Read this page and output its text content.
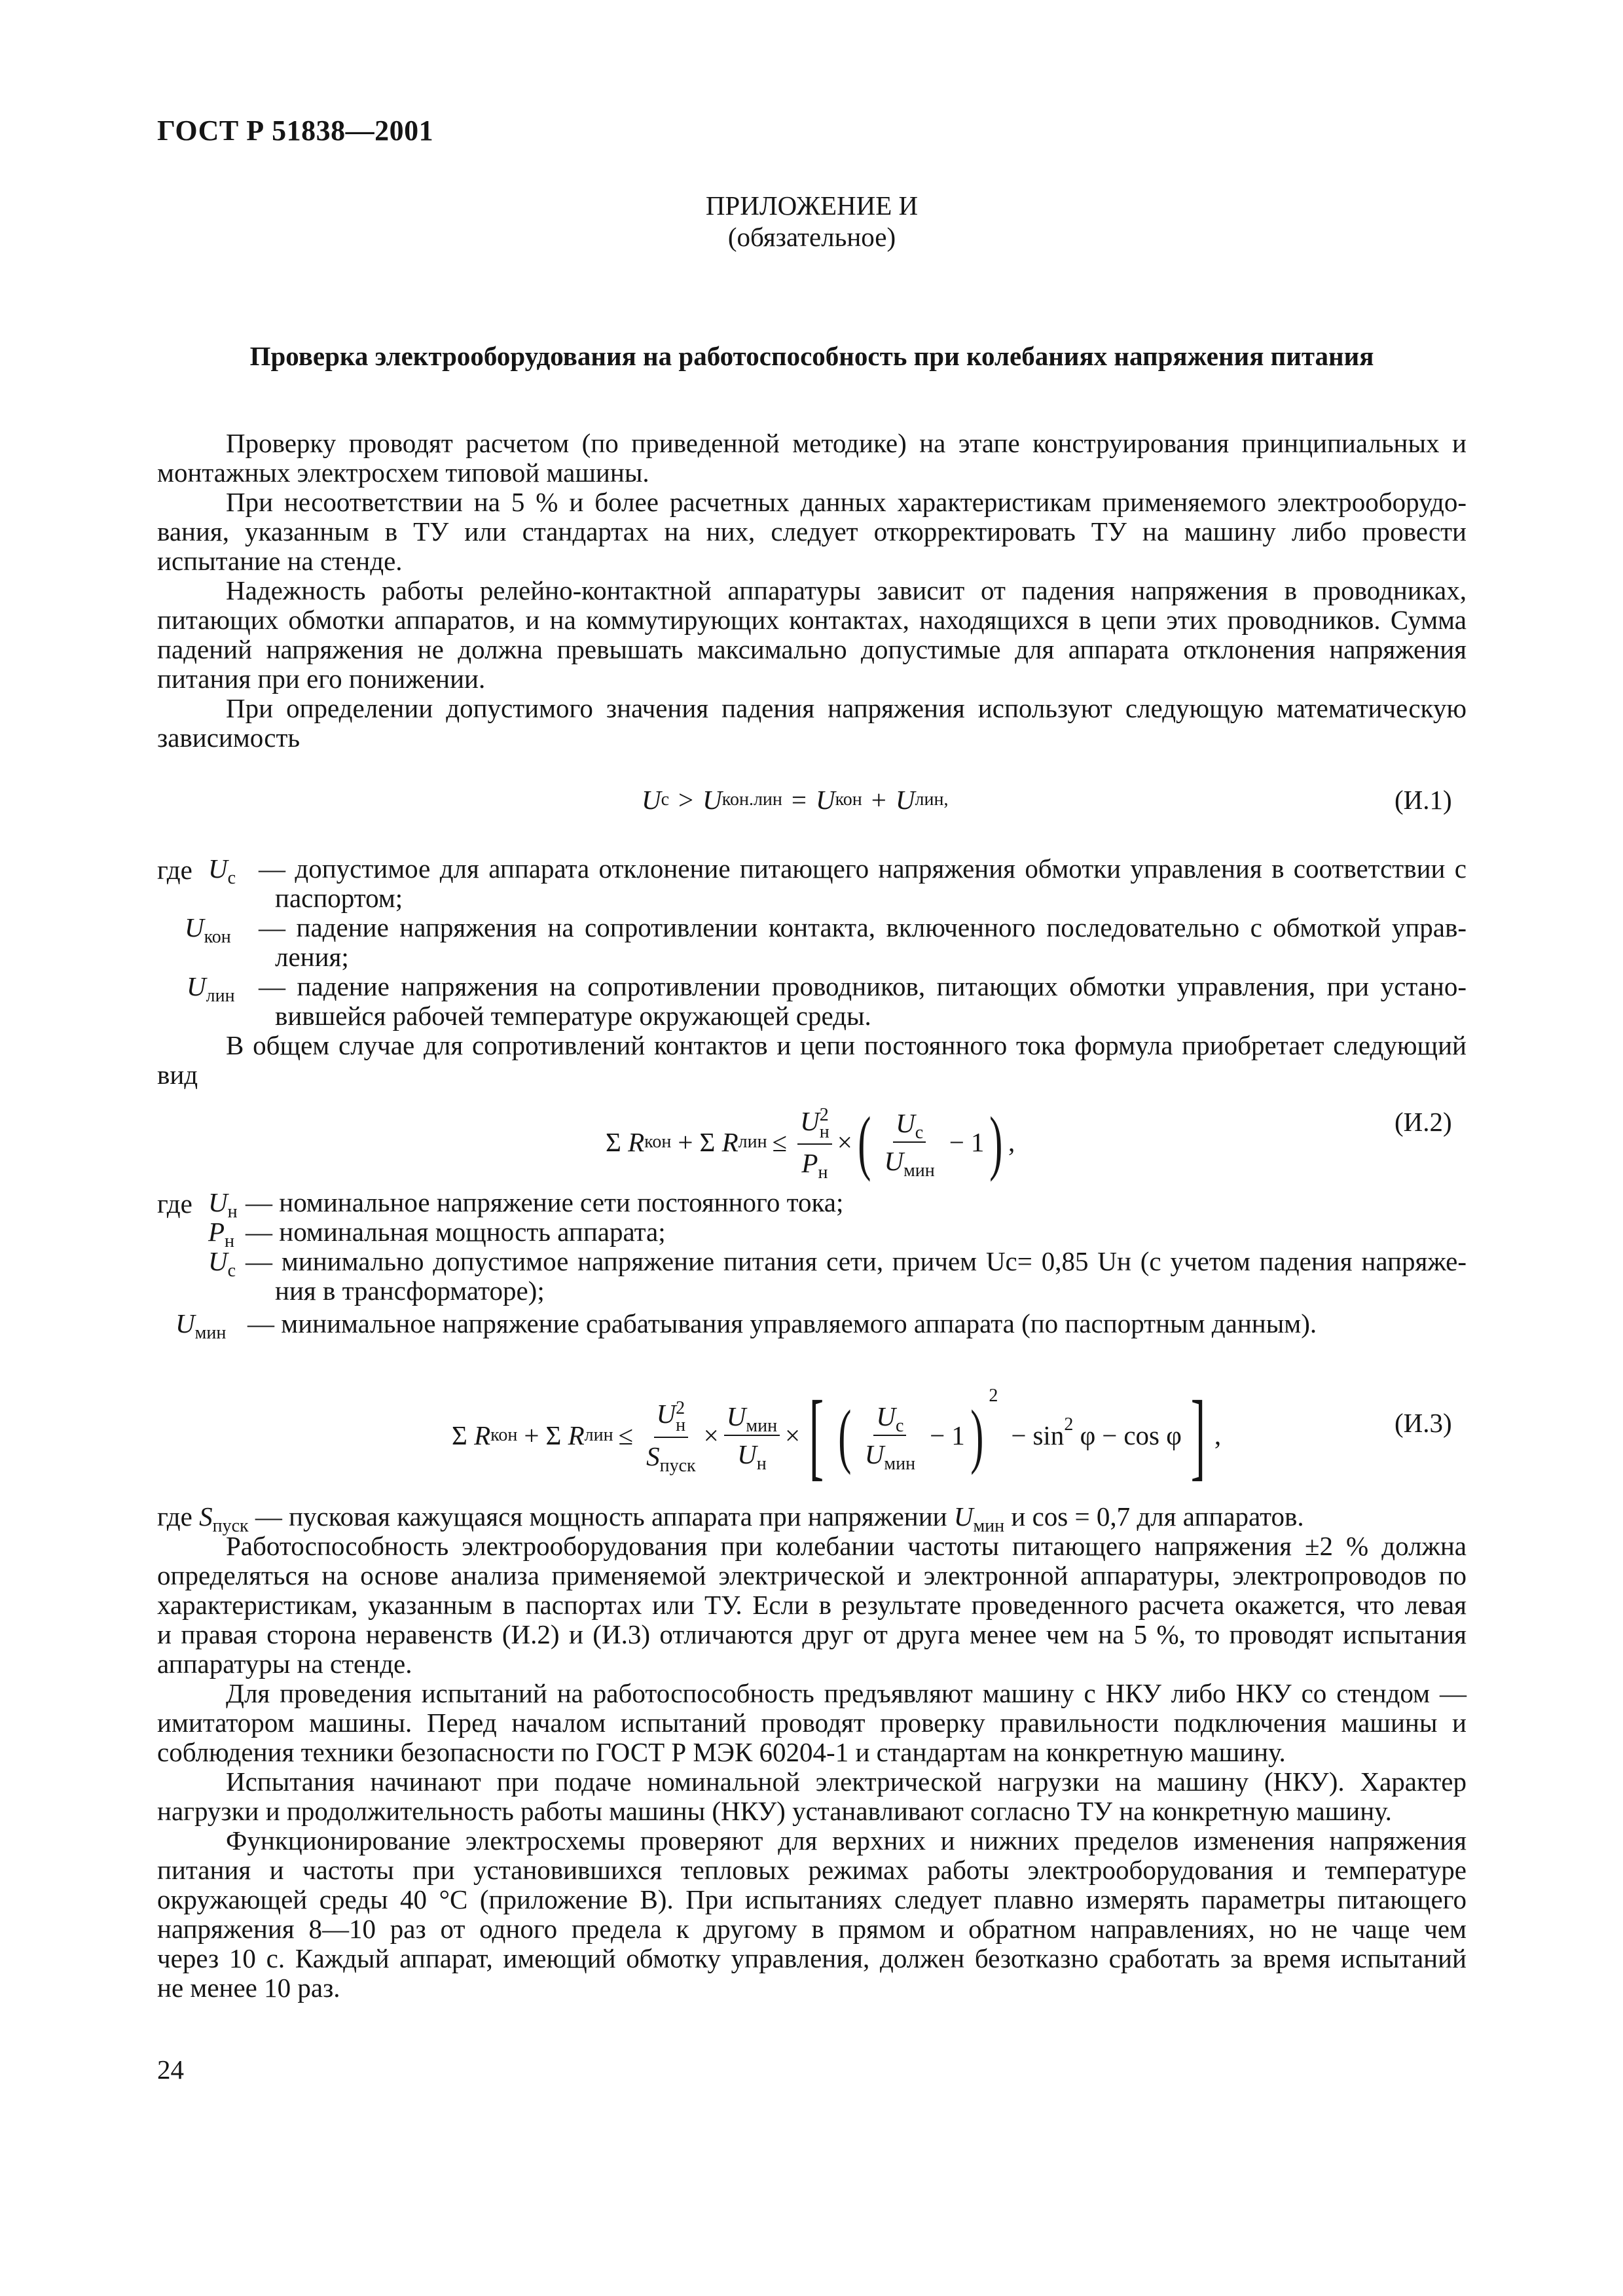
ГОСТ Р 51838—2001
ПРИЛОЖЕНИЕ И
(обязательное)
Проверка электрооборудования на работоспособность при колебаниях напряжения питания
Проверку проводят расчетом (по приведенной методике) на этапе конструирования принципиальных и
монтажных электросхем типовой машины.
При несоответствии на 5 % и более расчетных данных характеристикам применяемого электрооборудо-
вания, указанным в ТУ или стандартах на них, следует откорректировать ТУ на машину либо провести
испытание на стенде.
Надежность работы релейно-контактной аппаратуры зависит от падения напряжения в проводниках,
питающих обмотки аппаратов, и на коммутирующих контактах, находящихся в цепи этих проводников. Сумма
падений напряжения не должна превышать максимально допустимые для аппарата отклонения напряжения
питания при его понижении.
При определении допустимого значения падения напряжения используют следующую математическую
зависимость
U с > U кон.лин = U кон + U лин,	(И.1)
где $U_с$ — допустимое для аппарата отклонение питающего напряжения обмотки управления в соответствии с
паспортом;
$U_{кон}$ — падение напряжения на сопротивлении контакта, включенного последовательно с обмоткой управ-
ления;
$U_{лин}$ — падение напряжения на сопротивлении проводников, питающих обмотки управления, при устано-
вившейся рабочей температуре окружающей среды.
В общем случае для сопротивлений контактов и цепи постоянного тока формула приобретает следующий
вид
Σ
R кон + Σ
R лин ≤ U 2
н
$P_н$ × ( $\frac{U_с}{U_{мин}} - 1$ ) ,
(И.2)
где $U_н$ — номинальное напряжение сети постоянного тока;
$P_н$ — номинальная мощность аппарата;
$U_с$ — минимально допустимое напряжение питания сети, причем Uс= 0,85 Uн (с учетом падения напряже-
ния в трансформаторе);
$U_{мин}$ — минимальное напряжение срабатывания управляемого аппарата (по паспортным данным).
Σ
R кон + Σ
R лин ≤ U 2
н
$S_{пуск} \times \frac{U_{мин}}{U_н}$ × [ ( $\frac{U_с}{U_{мин}} - 1$ ) 2
− sin 2
φ − cos
φ ] ,	(И.3)
где $S_{пуск}$ — пусковая кажущаяся мощность аппарата при напряжении $U_{мин}$ и cos = 0,7 для аппаратов.
Работоспособность электрооборудования при колебании частоты питающего напряжения ±2 % должна
определяться на основе анализа применяемой электрической и электронной аппаратуры, электропроводов по
характеристикам, указанным в паспортах или ТУ. Если в результате проведенного расчета окажется, что левая
и правая сторона неравенств (И.2) и (И.3) отличаются друг от друга менее чем на 5 %, то проводят испытания
аппаратуры на стенде.
Для проведения испытаний на работоспособность предъявляют машину с НКУ либо НКУ со стендом —
имитатором машины. Перед началом испытаний проводят проверку правильности подключения машины и
соблюдения техники безопасности по ГОСТ Р МЭК 60204-1 и стандартам на конкретную машину.
Испытания начинают при подаче номинальной электрической нагрузки на машину (НКУ). Характер
нагрузки и продолжительность работы машины (НКУ) устанавливают согласно ТУ на конкретную машину.
Функционирование электросхемы проверяют для верхних и нижних пределов изменения напряжения
питания и частоты при установившихся тепловых режимах работы электрооборудования и температуре
окружающей среды 40 °С (приложение В). При испытаниях следует плавно измерять параметры питающего
напряжения 8—10 раз от одного предела к другому в прямом и обратном направлениях, но не чаще чем
через 10 с. Каждый аппарат, имеющий обмотку управления, должен безотказно сработать за время испытаний
не менее 10 раз.
24
